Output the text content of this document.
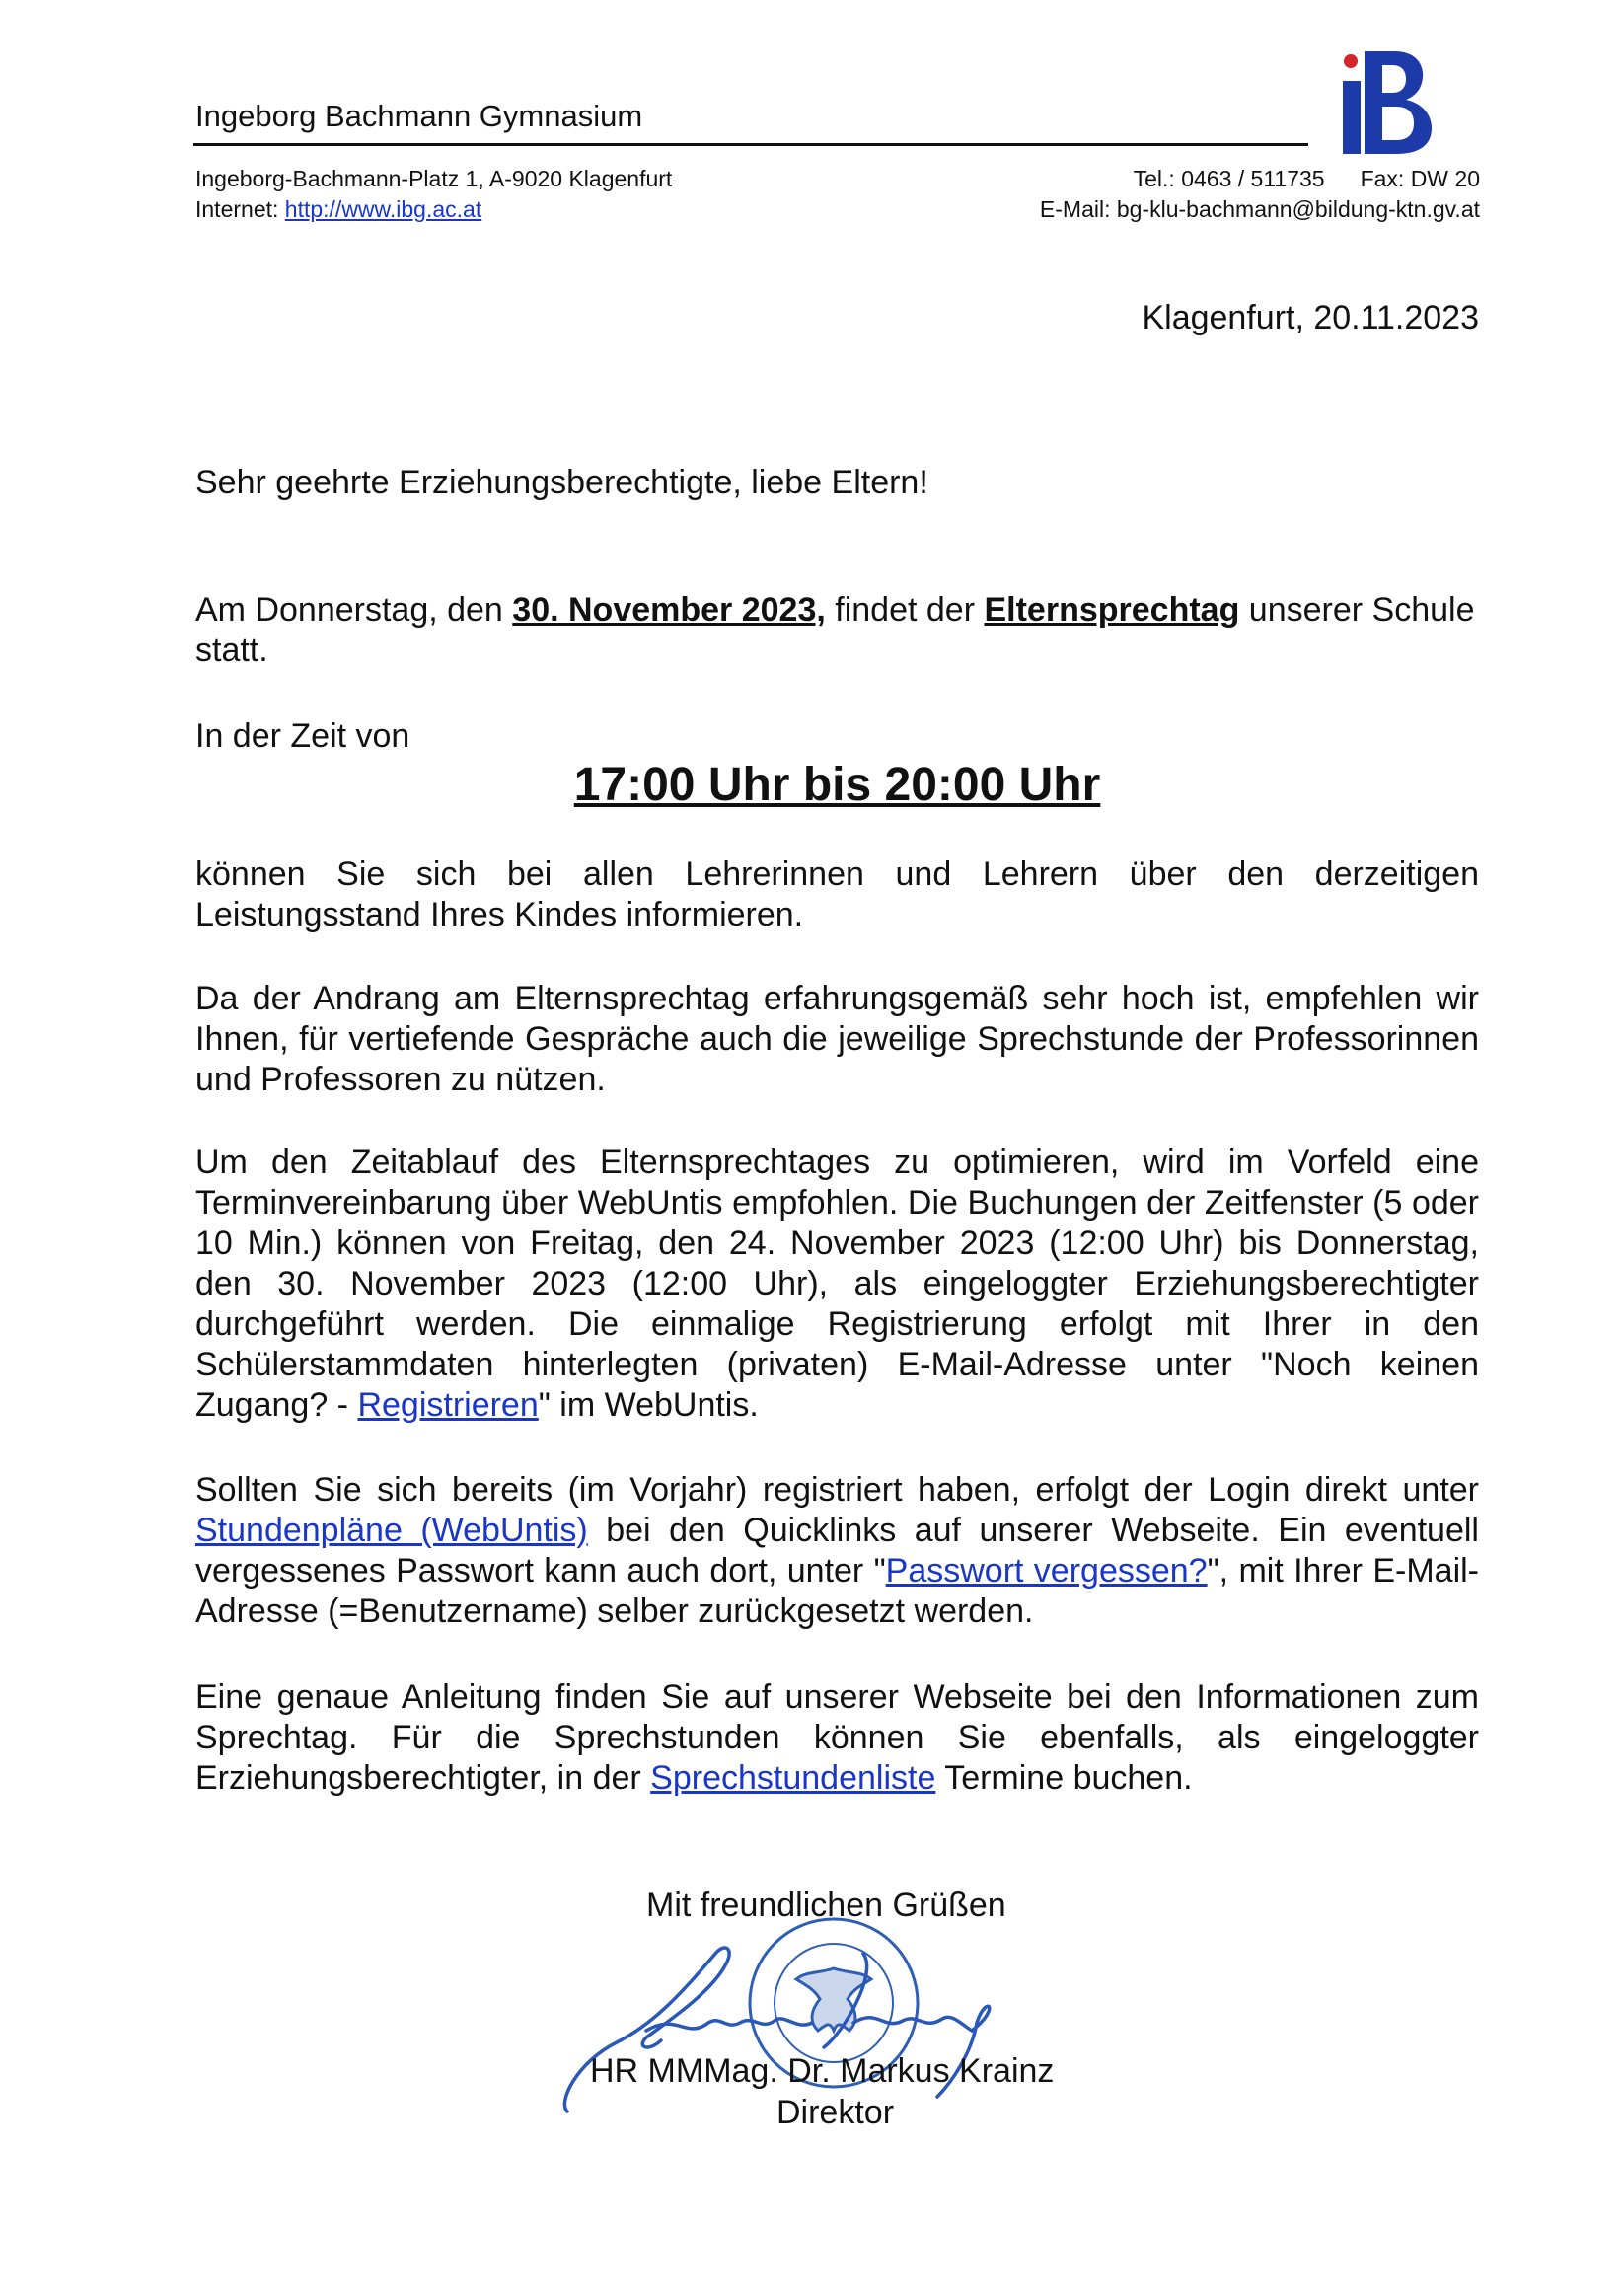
Ingeborg Bachmann Gymnasium
Ingeborg-Bachmann-Platz 1, A-9020 Klagenfurt
Internet: http://www.ibg.ac.at
Tel.: 0463 / 511735 Fax: DW 20
E-Mail: bg-klu-bachmann@bildung-ktn.gv.at
Klagenfurt, 20.11.2023
Sehr geehrte Erziehungsberechtigte, liebe Eltern!
Am Donnerstag, den 30. November 2023, findet der Elternsprechtag unserer Schule statt.
In der Zeit von
17:00 Uhr bis 20:00 Uhr
können Sie sich bei allen Lehrerinnen und Lehrern über den derzeitigen Leistungsstand Ihres Kindes informieren.
Da der Andrang am Elternsprechtag erfahrungsgemäß sehr hoch ist, empfehlen wir Ihnen, für vertiefende Gespräche auch die jeweilige Sprechstunde der Professorinnen und Professoren zu nützen.
Um den Zeitablauf des Elternsprechtages zu optimieren, wird im Vorfeld eine Terminvereinbarung über WebUntis empfohlen. Die Buchungen der Zeitfenster (5 oder 10 Min.) können von Freitag, den 24. November 2023 (12:00 Uhr) bis Donnerstag, den 30. November 2023 (12:00 Uhr), als eingeloggter Erziehungsberechtigter durchgeführt werden. Die einmalige Registrierung erfolgt mit Ihrer in den Schülerstammdaten hinterlegten (privaten) E-Mail-Adresse unter "Noch keinen Zugang? - Registrieren" im WebUntis.
Sollten Sie sich bereits (im Vorjahr) registriert haben, erfolgt der Login direkt unter Stundenpläne (WebUntis) bei den Quicklinks auf unserer Webseite. Ein eventuell vergessenes Passwort kann auch dort, unter "Passwort vergessen?", mit Ihrer E-Mail-Adresse (=Benutzername) selber zurückgesetzt werden.
Eine genaue Anleitung finden Sie auf unserer Webseite bei den Informationen zum Sprechtag. Für die Sprechstunden können Sie ebenfalls, als eingeloggter Erziehungsberechtigter, in der Sprechstundenliste Termine buchen.
Mit freundlichen Grüßen
HR MMMag. Dr. Markus Krainz
Direktor
